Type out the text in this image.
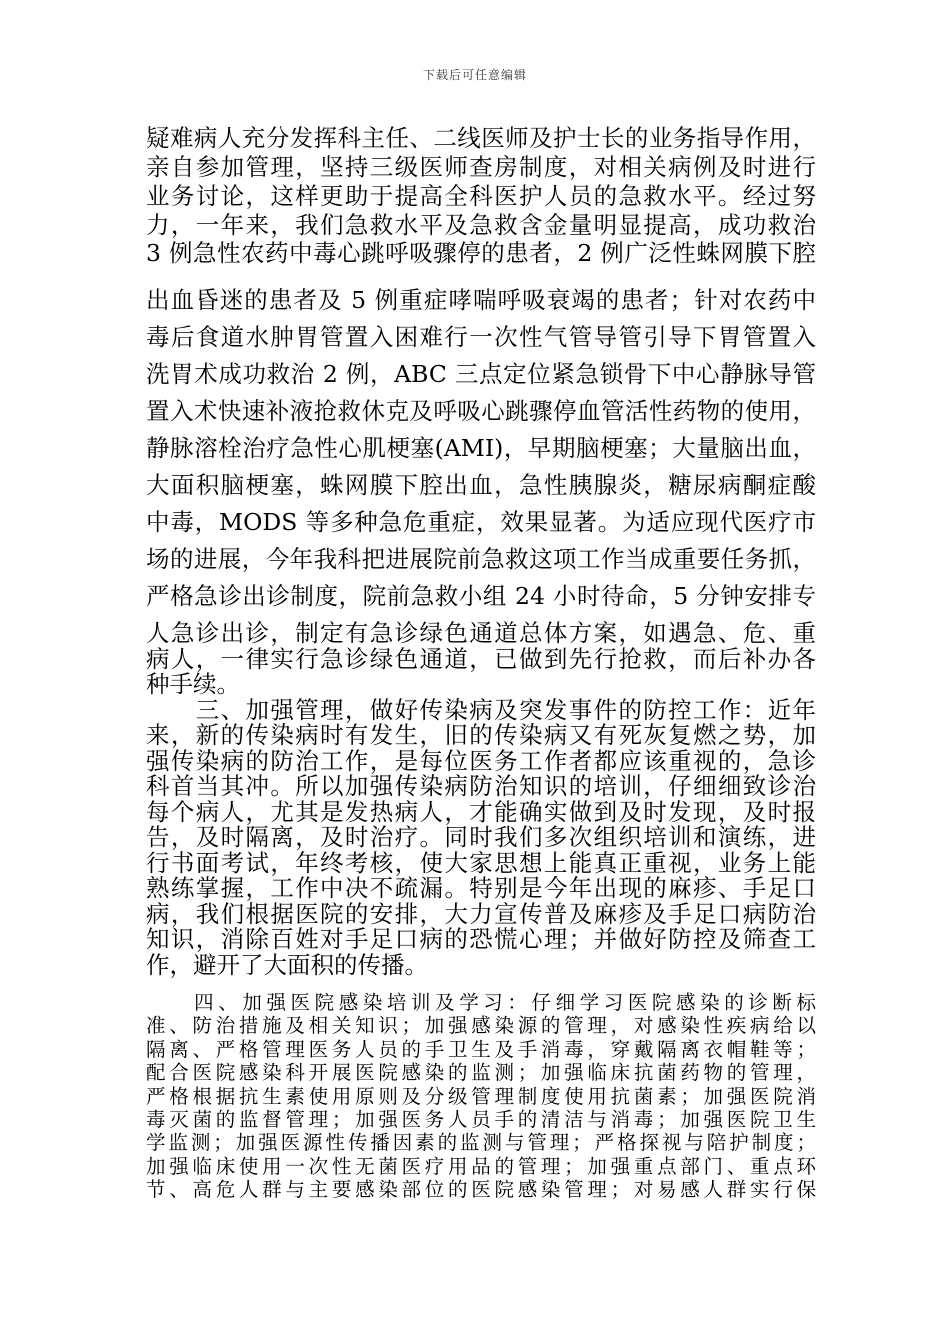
下载后可任意编辑
疑难病人充分发挥科主任、二线医师及护士长的业务指导作用，
亲自参加管理，坚持三级医师查房制度，对相关病例及时进行
业务讨论，这样更助于提高全科医护人员的急救水平。经过努
力，一年来，我们急救水平及急救含金量明显提高，成功救治
3 例急性农药中毒心跳呼吸骤停的患者，2 例广泛性蛛网膜下腔
出血昏迷的患者及 5 例重症哮喘呼吸衰竭的患者；针对农药中
毒后食道水肿胃管置入困难行一次性气管导管引导下胃管置入
洗胃术成功救治 2 例，ABC 三点定位紧急锁骨下中心静脉导管
置入术快速补液抢救休克及呼吸心跳骤停血管活性药物的使用，
静脉溶栓治疗急性心肌梗塞(AMI)，早期脑梗塞；大量脑出血，
大面积脑梗塞，蛛网膜下腔出血，急性胰腺炎，糖尿病酮症酸
中毒，MODS 等多种急危重症，效果显著。为适应现代医疗市
场的进展，今年我科把进展院前急救这项工作当成重要任务抓，
严格急诊出诊制度，院前急救小组 24 小时待命，5 分钟安排专
人急诊出诊，制定有急诊绿色通道总体方案，如遇急、危、重
病人，一律实行急诊绿色通道，已做到先行抢救，而后补办各
种手续。
　　三、加强管理，做好传染病及突发事件的防控工作：近年
来，新的传染病时有发生，旧的传染病又有死灰复燃之势，加
强传染病的防治工作，是每位医务工作者都应该重视的，急诊
科首当其冲。所以加强传染病防治知识的培训，仔细细致诊治
每个病人，尤其是发热病人，才能确实做到及时发现，及时报
告，及时隔离，及时治疗。同时我们多次组织培训和演练，进
行书面考试，年终考核，使大家思想上能真正重视，业务上能
熟练掌握，工作中决不疏漏。特别是今年出现的麻疹、手足口
病，我们根据医院的安排，大力宣传普及麻疹及手足口病防治
知识，消除百姓对手足口病的恐慌心理；并做好防控及筛查工
作，避开了大面积的传播。
　　四、加强医院感染培训及学习：仔细学习医院感染的诊断标
准、防治措施及相关知识；加强感染源的管理，对感染性疾病给以
隔离、严格管理医务人员的手卫生及手消毒，穿戴隔离衣帽鞋等；
配合医院感染科开展医院感染的监测；加强临床抗菌药物的管理，
严格根据抗生素使用原则及分级管理制度使用抗菌素；加强医院消
毒灭菌的监督管理；加强医务人员手的清洁与消毒；加强医院卫生
学监测；加强医源性传播因素的监测与管理；严格探视与陪护制度；
加强临床使用一次性无菌医疗用品的管理；加强重点部门、重点环
节、高危人群与主要感染部位的医院感染管理；对易感人群实行保
